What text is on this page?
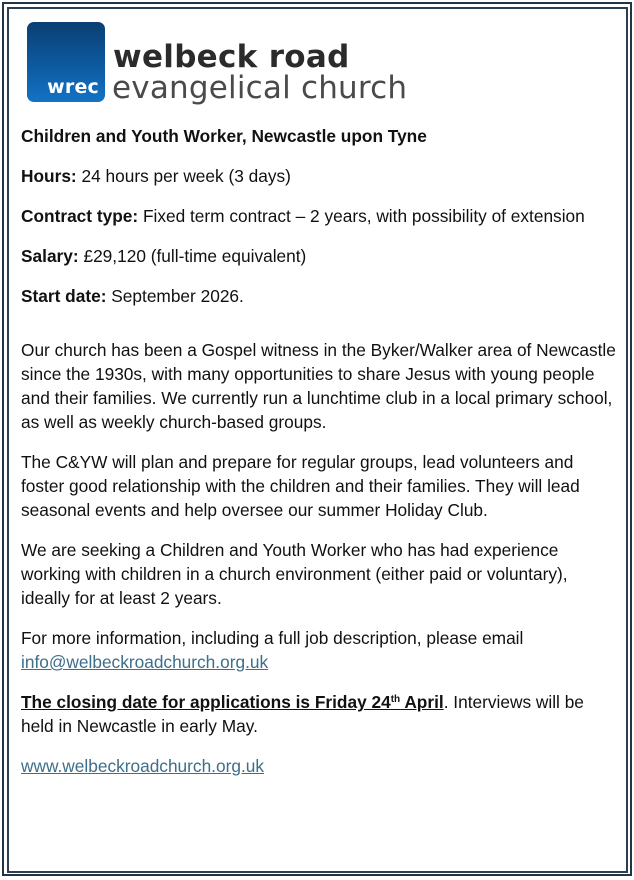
wrec
welbeck road
evangelical church

Children and Youth Worker, Newcastle upon Tyne

Hours: 24 hours per week (3 days)

Contract type: Fixed term contract – 2 years, with possibility of extension

Salary: £29,120 (full-time equivalent)

Start date: September 2026.

Our church has been a Gospel witness in the Byker/Walker area of Newcastle since the 1930s, with many opportunities to share Jesus with young people and their families. We currently run a lunchtime club in a local primary school, as well as weekly church-based groups.

The C&YW will plan and prepare for regular groups, lead volunteers and foster good relationship with the children and their families. They will lead seasonal events and help oversee our summer Holiday Club.

We are seeking a Children and Youth Worker who has had experience working with children in a church environment (either paid or voluntary), ideally for at least 2 years.

For more information, including a full job description, please email
info@welbeckroadchurch.org.uk

The closing date for applications is Friday 24th April. Interviews will be held in Newcastle in early May.

www.welbeckroadchurch.org.uk
